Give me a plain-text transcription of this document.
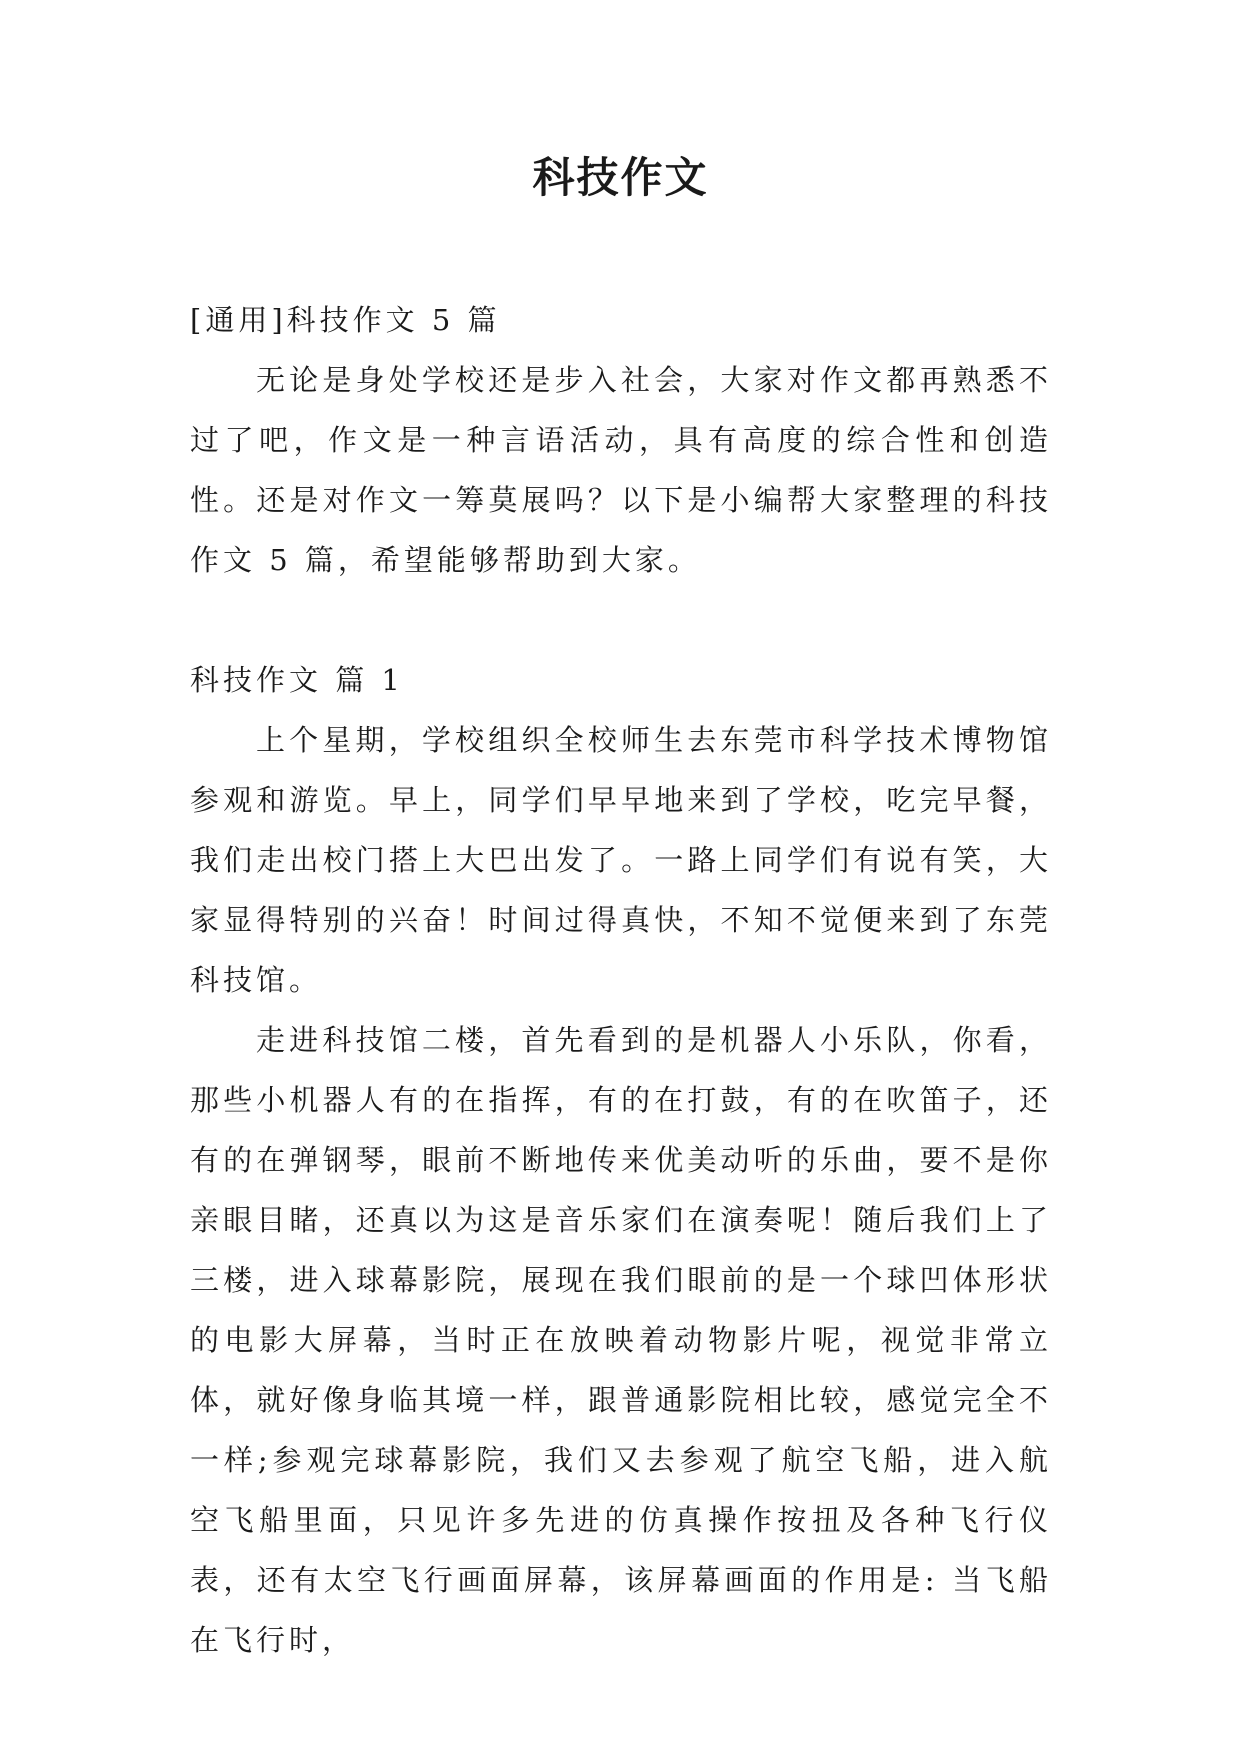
科技作文

[通用]科技作文 5 篇

无论是身处学校还是步入社会，大家对作文都再熟悉不过了吧，作文是一种言语活动，具有高度的综合性和创造性。还是对作文一筹莫展吗？以下是小编帮大家整理的科技作文 5 篇，希望能够帮助到大家。

科技作文 篇 1

上个星期，学校组织全校师生去东莞市科学技术博物馆参观和游览。早上，同学们早早地来到了学校，吃完早餐，我们走出校门搭上大巴出发了。一路上同学们有说有笑，大家显得特别的兴奋！时间过得真快，不知不觉便来到了东莞科技馆。

走进科技馆二楼，首先看到的是机器人小乐队，你看，那些小机器人有的在指挥，有的在打鼓，有的在吹笛子，还有的在弹钢琴，眼前不断地传来优美动听的乐曲，要不是你亲眼目睹，还真以为这是音乐家们在演奏呢！随后我们上了三楼，进入球幕影院，展现在我们眼前的是一个球凹体形状的电影大屏幕，当时正在放映着动物影片呢，视觉非常立体，就好像身临其境一样，跟普通影院相比较，感觉完全不一样;参观完球幕影院，我们又去参观了航空飞船，进入航空飞船里面，只见许多先进的仿真操作按扭及各种飞行仪表，还有太空飞行画面屏幕，该屏幕画面的作用是: 当飞船在飞行时，
